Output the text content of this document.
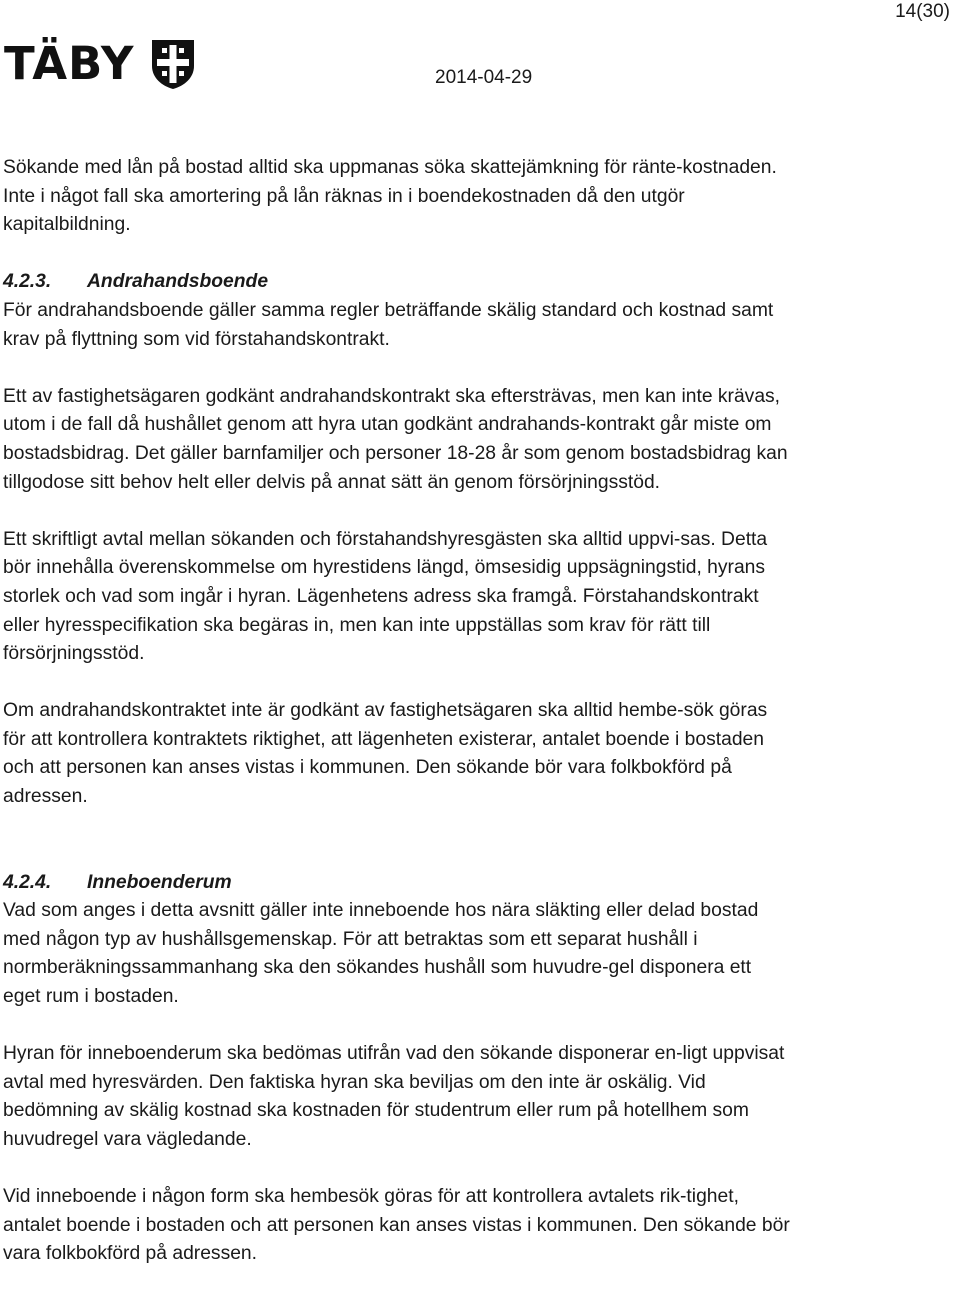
14(30)
TÄBY	2014-04-29

Sökande med lån på bostad alltid ska uppmanas söka skattejämkning för ränte-kostnaden. Inte i något fall ska amortering på lån räknas in i boendekostnaden då den utgör kapitalbildning.

4.2.3. Andrahandsboende

För andrahandsboende gäller samma regler beträffande skälig standard och kostnad samt krav på flyttning som vid förstahandskontrakt.

Ett av fastighetsägaren godkänt andrahandskontrakt ska eftersträvas, men kan inte krävas, utom i de fall då hushållet genom att hyra utan godkänt andrahands-kontrakt går miste om bostadsbidrag. Det gäller barnfamiljer och personer 18-28 år som genom bostadsbidrag kan tillgodose sitt behov helt eller delvis på annat sätt än genom försörjningsstöd.

Ett skriftligt avtal mellan sökanden och förstahandshyresgästen ska alltid uppvi-sas. Detta bör innehålla överenskommelse om hyrestidens längd, ömsesidig uppsägningstid, hyrans storlek och vad som ingår i hyran. Lägenhetens adress ska framgå. Förstahandskontrakt eller hyresspecifikation ska begäras in, men kan inte uppställas som krav för rätt till försörjningsstöd.

Om andrahandskontraktet inte är godkänt av fastighetsägaren ska alltid hembe-sök göras för att kontrollera kontraktets riktighet, att lägenheten existerar, antalet boende i bostaden och att personen kan anses vistas i kommunen. Den sökande bör vara folkbokförd på adressen.

4.2.4. Inneboenderum

Vad som anges i detta avsnitt gäller inte inneboende hos nära släkting eller delad bostad med någon typ av hushållsgemenskap. För att betraktas som ett separat hushåll i normberäkningssammanhang ska den sökandes hushåll som huvudre-gel disponera ett eget rum i bostaden.

Hyran för inneboenderum ska bedömas utifrån vad den sökande disponerar en-ligt uppvisat avtal med hyresvärden. Den faktiska hyran ska beviljas om den inte är oskälig. Vid bedömning av skälig kostnad ska kostnaden för studentrum eller rum på hotellhem som huvudregel vara vägledande.

Vid inneboende i någon form ska hembesök göras för att kontrollera avtalets rik-tighet, antalet boende i bostaden och att personen kan anses vistas i kommunen. Den sökande bör vara folkbokförd på adressen.
